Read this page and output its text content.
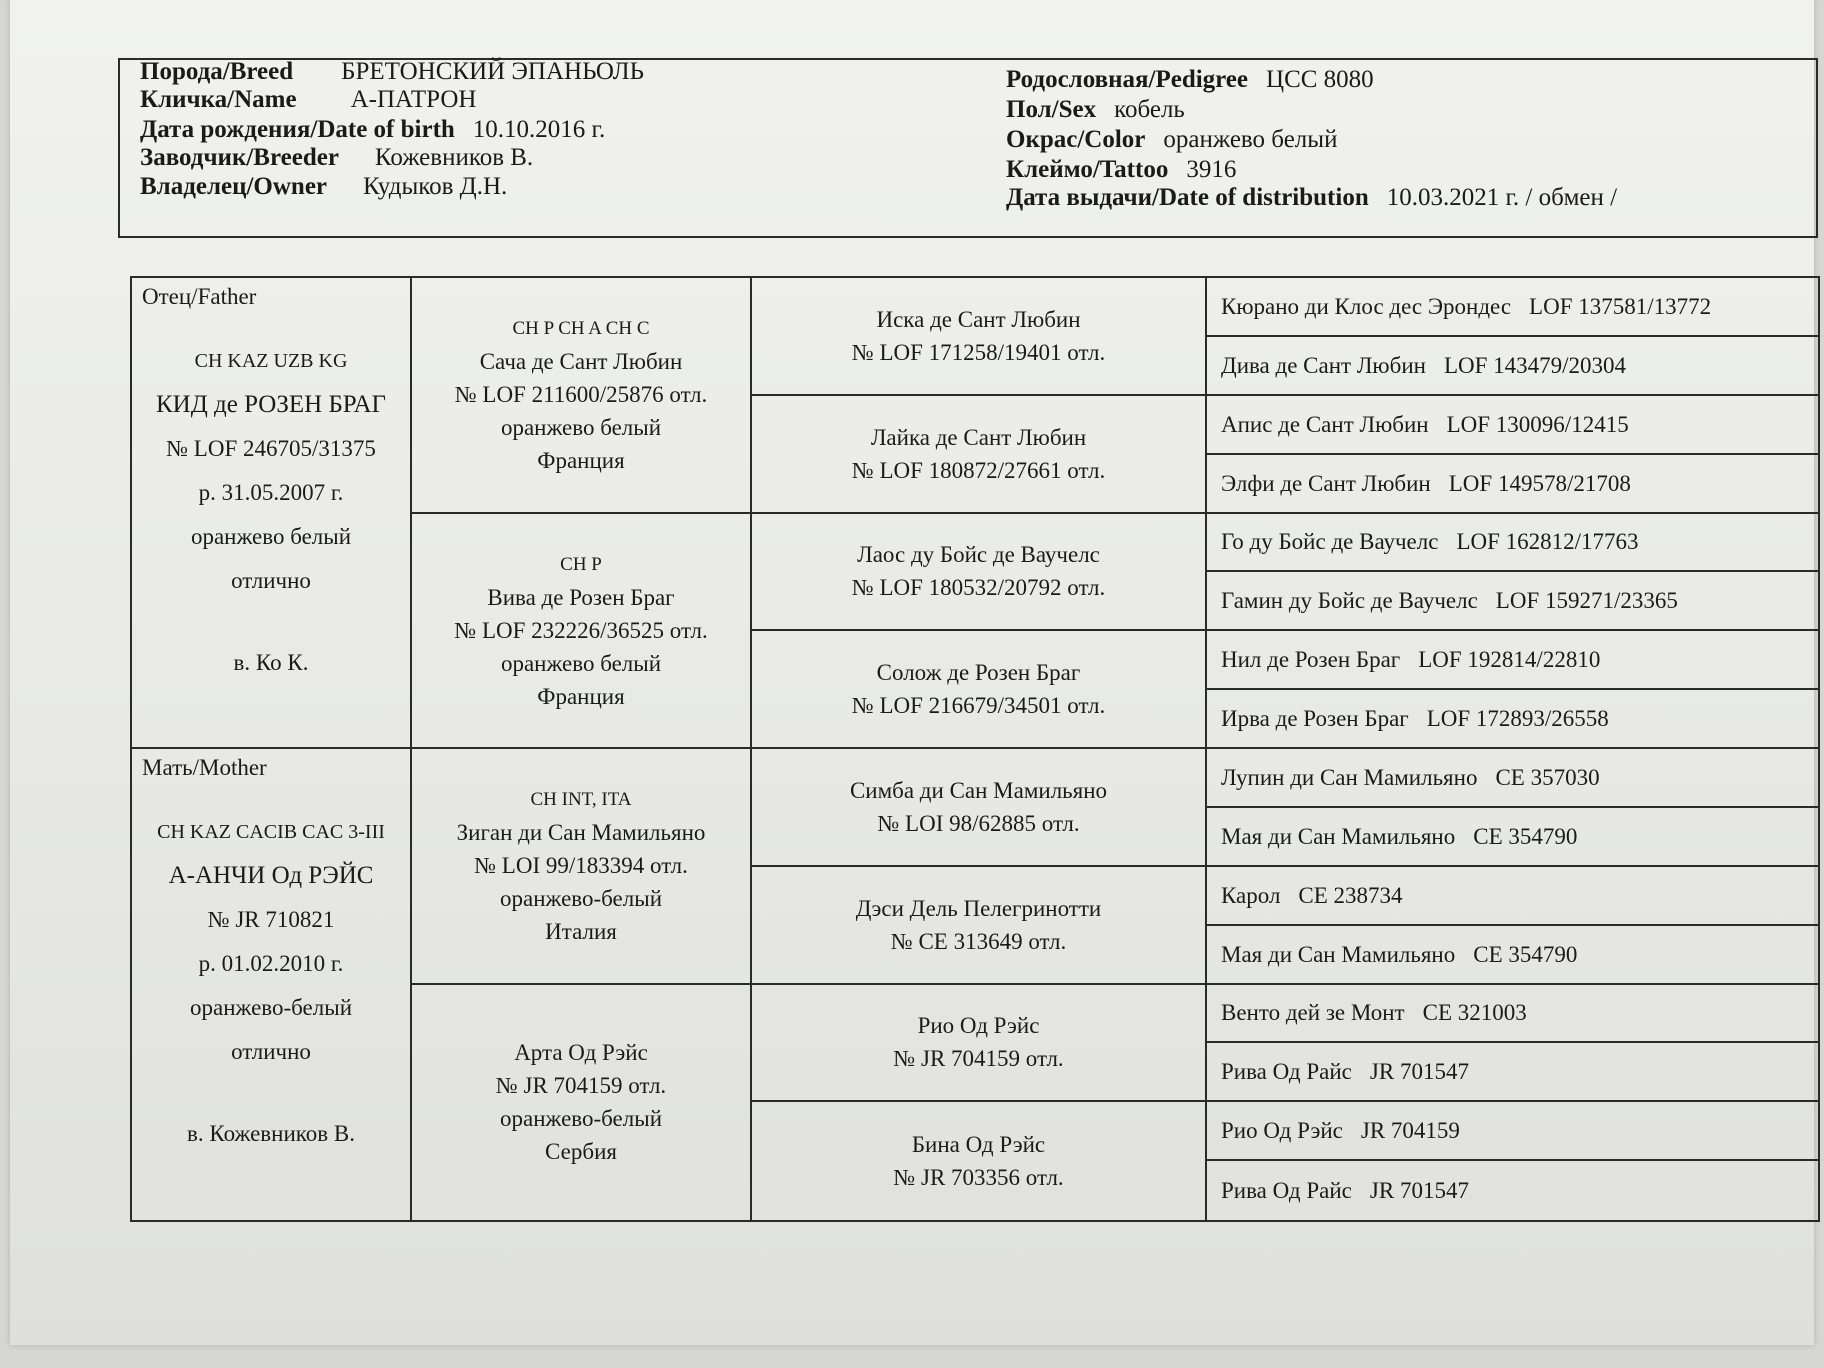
Порода/Breed БРЕТОНСКИЙ ЭПАНЬОЛЬ
Кличка/Name А-ПАТРОН
Дата рождения/Date of birth 10.10.2016 г.
Заводчик/Breeder Кожевников В.
Владелец/Owner Кудыков Д.Н.
Родословная/Pedigree ЦСС 8080
Пол/Sex кобель
Окрас/Color оранжево белый
Клеймо/Tattoo 3916
Дата выдачи/Date of distribution 10.03.2021 г. / обмен /
Отец/Father
CH KAZ UZB KG
КИД де РОЗЕН БРАГ
№ LOF 246705/31375
р. 31.05.2007 г.
оранжево белый
отлично
в. Ко К.
Мать/Mother
CH KAZ CACIB CAC 3-III
А-АНЧИ Од РЭЙС
№ JR 710821
р. 01.02.2010 г.
оранжево-белый
отлично
в. Кожевников В.
CH P CH A CH C
Сача де Сант Любин
№ LOF 211600/25876 отл.
оранжево белый
Франция
CH P
Вива де Розен Браг
№ LOF 232226/36525 отл.
оранжево белый
Франция
CH INT, ITA
Зиган ди Сан Мамильяно
№ LOI 99/183394 отл.
оранжево-белый
Италия
Арта Од Рэйс
№ JR 704159 отл.
оранжево-белый
Сербия
Иска де Сант Любин
№ LOF 171258/19401 отл.
Лайка де Сант Любин
№ LOF 180872/27661 отл.
Лаос ду Бойс де Ваучелс
№ LOF 180532/20792 отл.
Солож де Розен Браг
№ LOF 216679/34501 отл.
Симба ди Сан Мамильяно
№ LOI 98/62885 отл.
Дэси Дель Пелегринотти
№ CE 313649 отл.
Рио Од Рэйс
№ JR 704159 отл.
Бина Од Рэйс
№ JR 703356 отл.
Кюрано ди Клос дес Эрондес LOF 137581/13772
Дива де Сант Любин LOF 143479/20304
Апис де Сант Любин LOF 130096/12415
Элфи де Сант Любин LOF 149578/21708
Го ду Бойс де Ваучелс LOF 162812/17763
Гамин ду Бойс де Ваучелс LOF 159271/23365
Нил де Розен Браг LOF 192814/22810
Ирва де Розен Браг LOF 172893/26558
Лупин ди Сан Мамильяно CE 357030
Мая ди Сан Мамильяно CE 354790
Карол CE 238734
Мая ди Сан Мамильяно CE 354790
Венто дей зе Монт CE 321003
Рива Од Райс JR 701547
Рио Од Рэйс JR 704159
Рива Од Райс JR 701547
